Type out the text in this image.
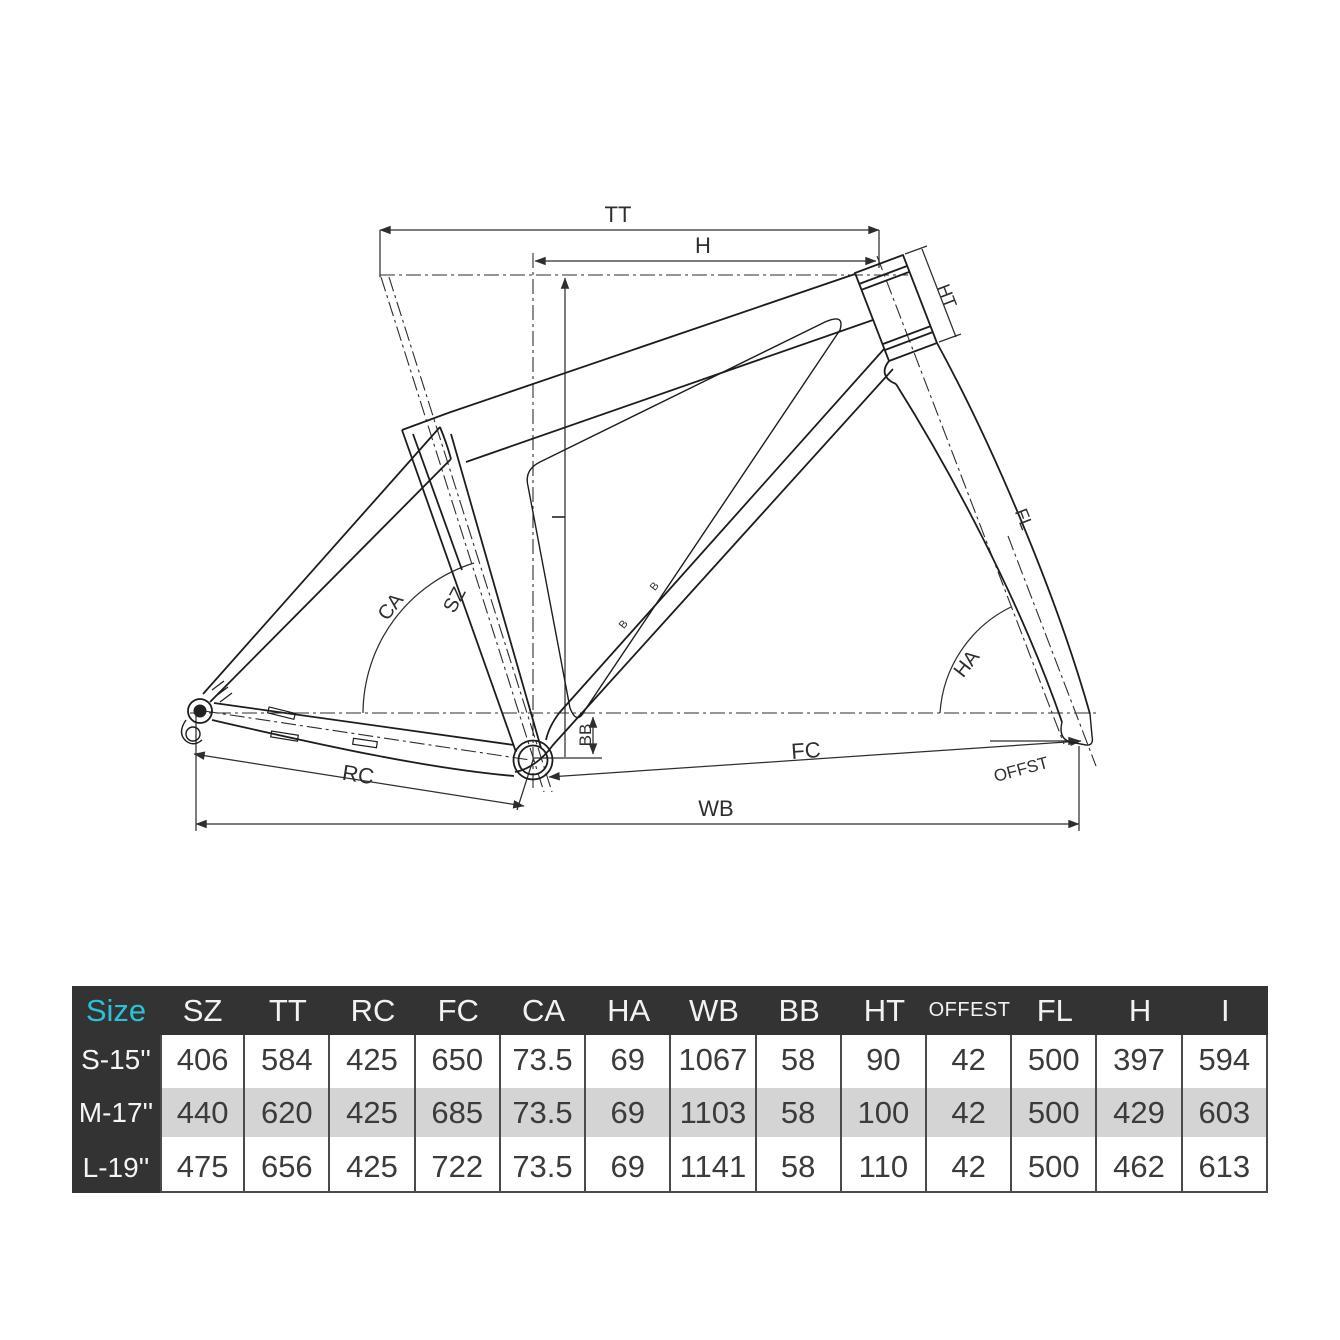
TT
H
HT
I	FL
SZ
CA
HA
BB
FC
RC	OFFST
WB
B
B
Size	SZ	TT	RC	FC	CA	HA	WB	BB	HT	OFFEST	FL	H	I
S-15''	406	584	425	650	73.5	69	1067	58	90	42	500	397	594
M-17''	440	620	425	685	73.5	69	1103	58	100	42	500	429	603
L-19''	475	656	425	722	73.5	69	1141	58	110	42	500	462	613
